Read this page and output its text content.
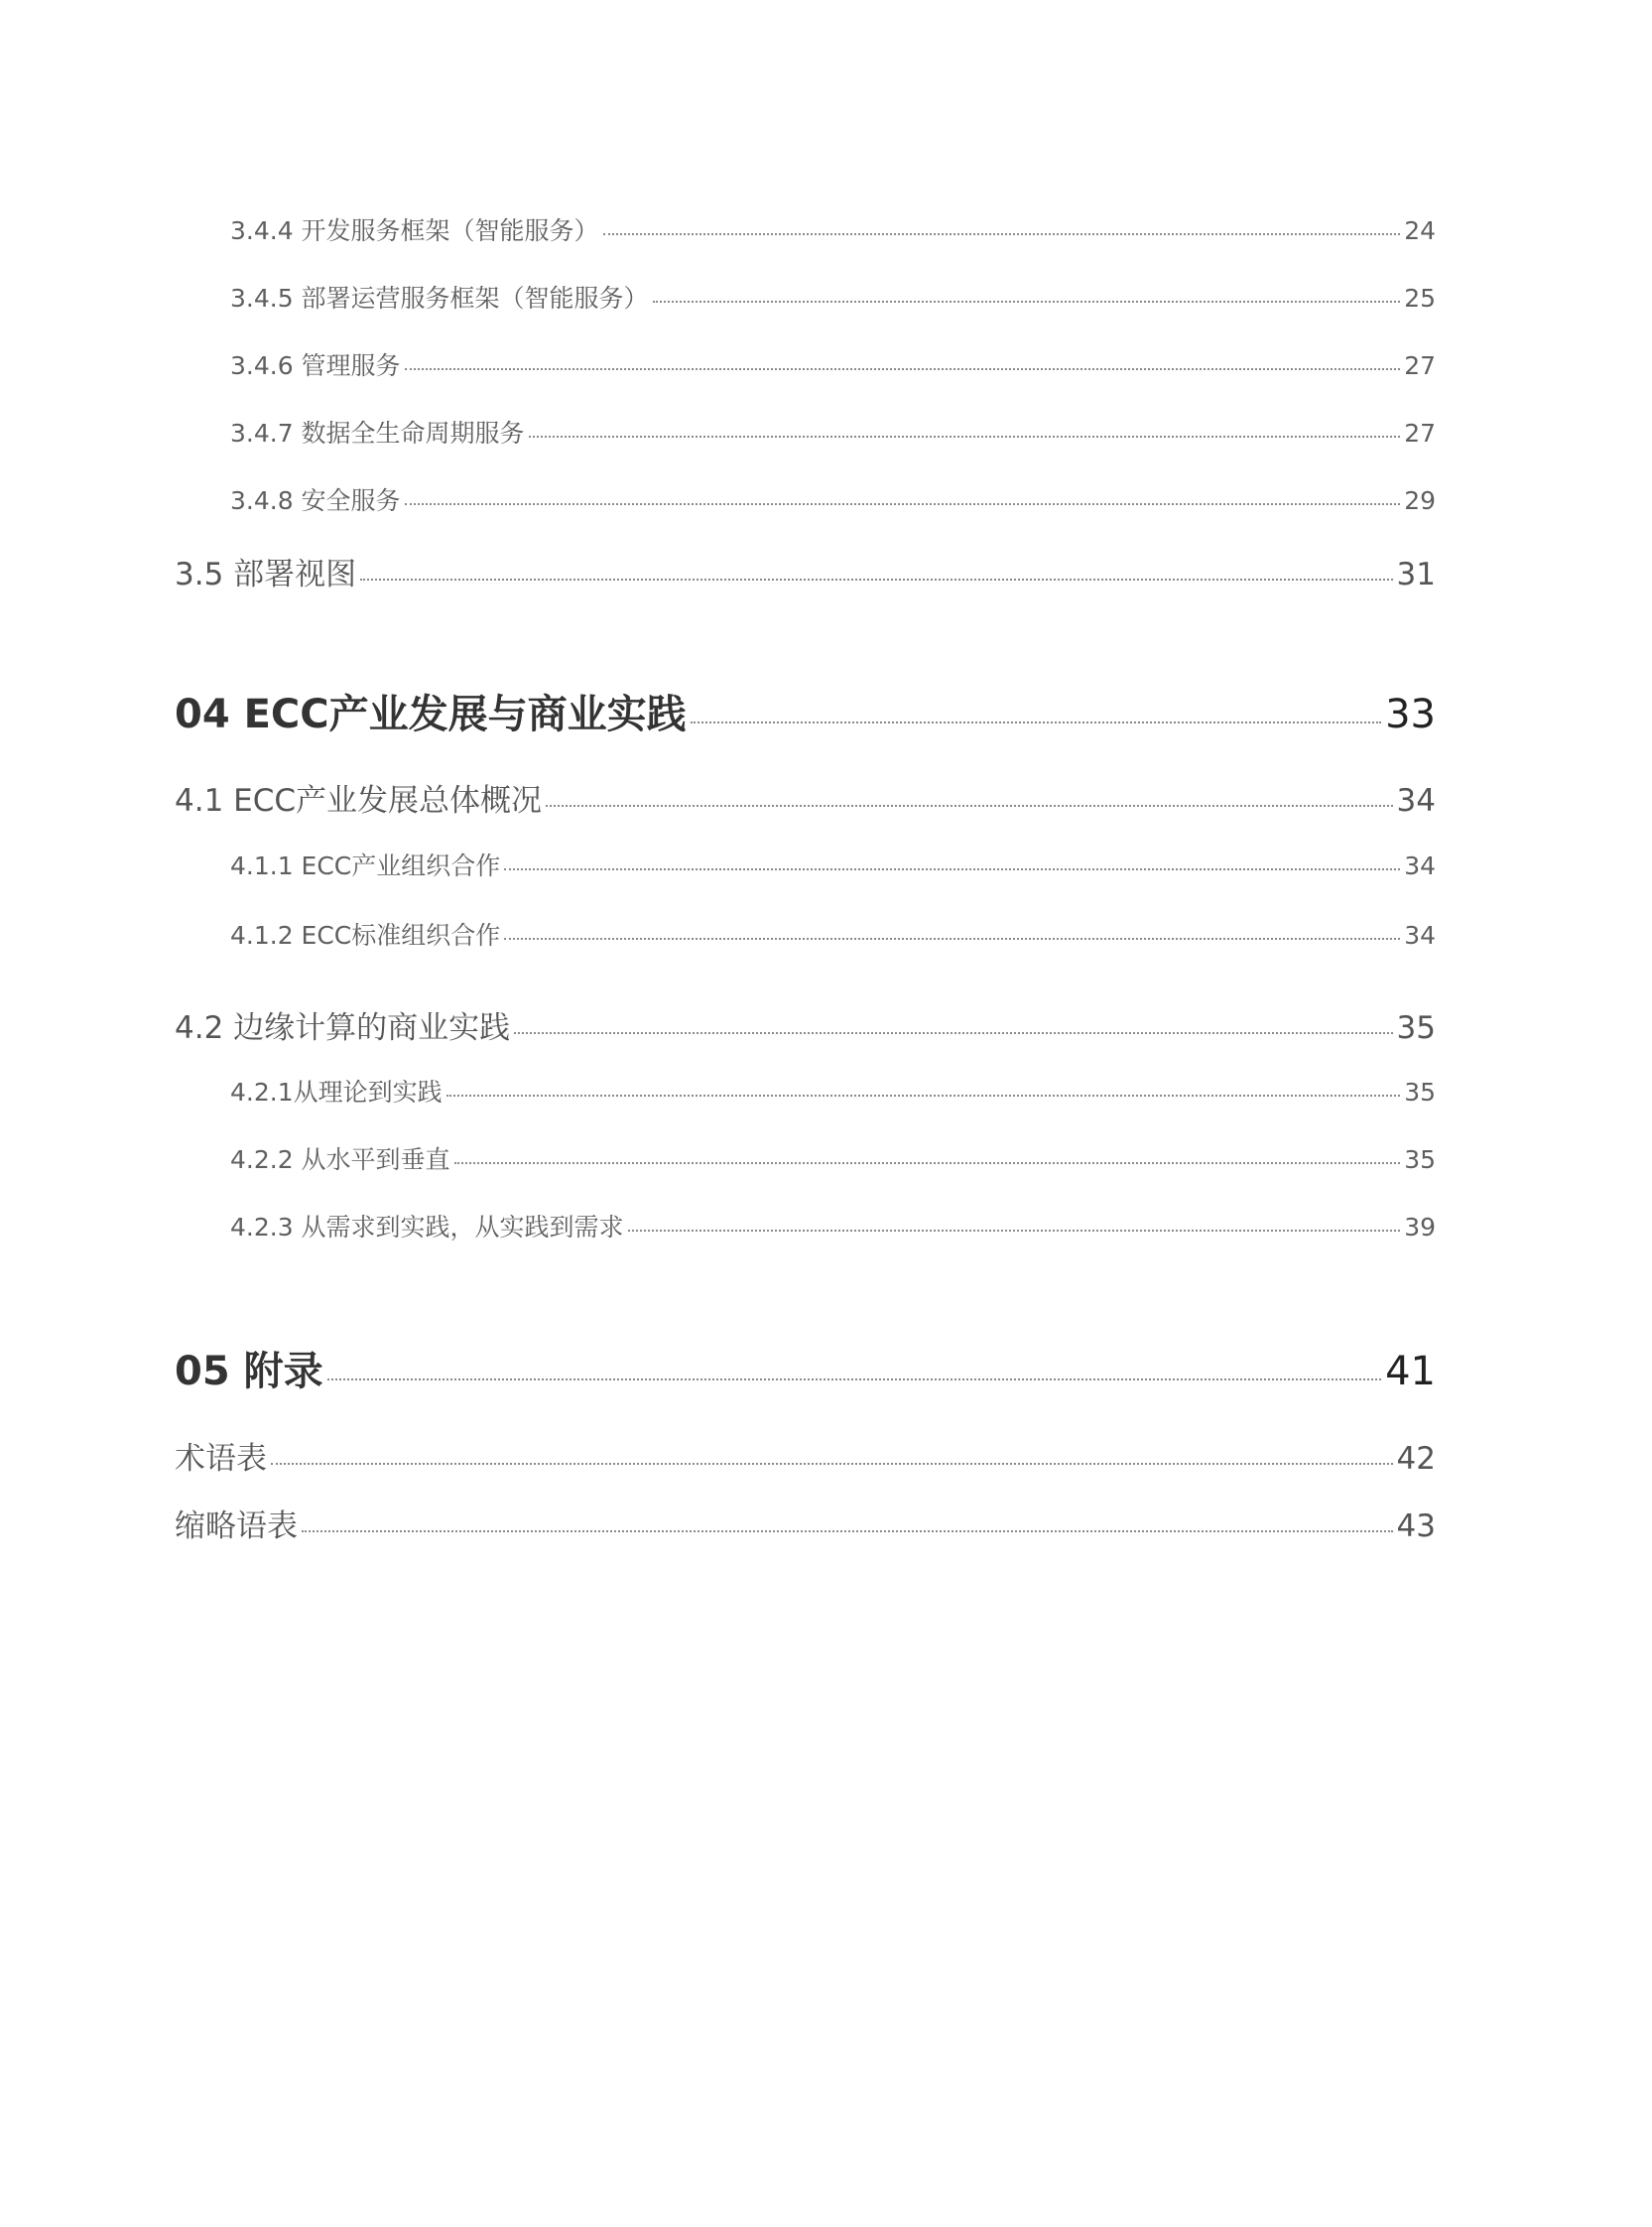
3.4.4 开发服务框架（智能服务）	24
3.4.5 部署运营服务框架（智能服务）	25
3.4.6 管理服务	27
3.4.7 数据全生命周期服务	27
3.4.8 安全服务	29
3.5 部署视图	31
04 ECC产业发展与商业实践	33
4.1 ECC产业发展总体概况	34
4.1.1 ECC产业组织合作	34
4.1.2 ECC标准组织合作	34
4.2 边缘计算的商业实践	35
4.2.1从理论到实践	35
4.2.2 从水平到垂直	35
4.2.3 从需求到实践，从实践到需求	39
05 附录	41
术语表	42
缩略语表	43
